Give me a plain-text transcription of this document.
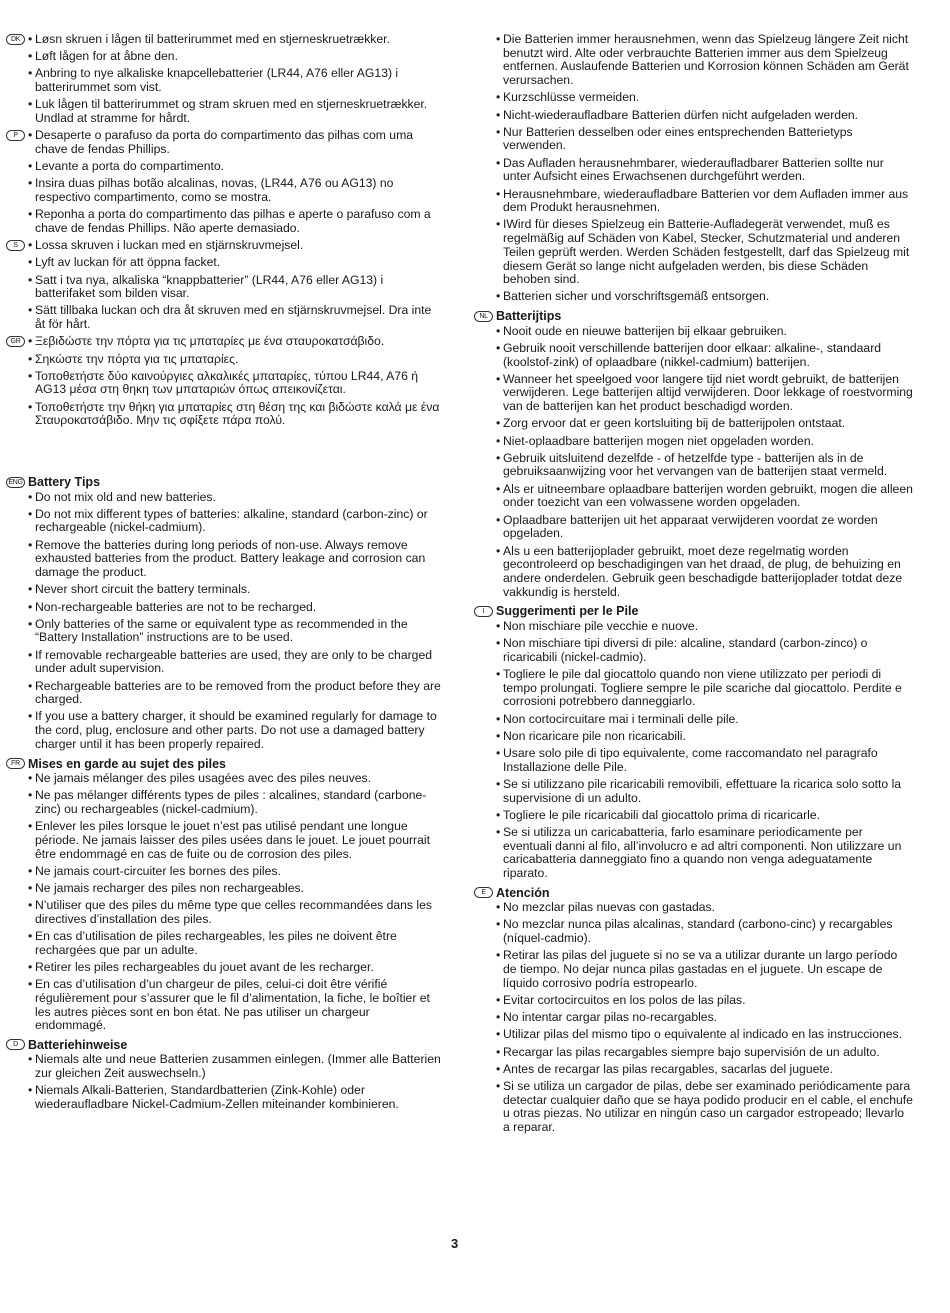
DK • Løsn skruen i lågen til batterirummet med en stjerneskruetrækker.
• Løft lågen for at åbne den.
• Anbring to nye alkaliske knapcellebatterier (LR44, A76 eller AG13) i batterirummet som vist.
• Luk lågen til batterirummet og stram skruen med en stjerneskruetrækker. Undlad at stramme for hårdt.
P • Desaperte o parafuso da porta do compartimento das pilhas com uma chave de fendas Phillips.
• Levante a porta do compartimento.
• Insira duas pilhas botão alcalinas, novas, (LR44, A76 ou AG13) no respectivo compartimento, como se mostra.
• Reponha a porta do compartimento das pilhas e aperte o parafuso com a chave de fendas Phillips. Não aperte demasiado.
S • Lossa skruven i luckan med en stjärnskruvmejsel.
• Lyft av luckan för att öppna facket.
• Satt i tva nya, alkaliska “knappbatterier” (LR44, A76 eller AG13) i batterifaket som bilden visar.
• Sätt tillbaka luckan och dra åt skruven med en stjärnskruvmejsel. Dra inte åt för hårt.
GR • Ξεβιδώστε την πόρτα για τις μπαταρίες με ένα σταυροκατσάβιδο.
• Σηκώστε την πόρτα για τις μπαταρίες.
• Τοποθετήστε δύο καινούργιες αλκαλικές μπαταρίες, τύπου LR44, A76 ή AG13 μέσα στη θηκη των μπαταριών όπως απεικονίζεται.
• Τοποθετήστε την θήκη για μπαταρίες στη θέση της και βιδώστε καλά με ένα Σταυροκατσάβιδο. Μην τις σφίξετε πάρα πολύ.
ENG Battery Tips
• Do not mix old and new batteries.
• Do not mix different types of batteries: alkaline, standard (carbon-zinc) or rechargeable (nickel-cadmium).
• Remove the batteries during long periods of non-use. Always remove exhausted batteries from the product. Battery leakage and corrosion can damage the product.
• Never short circuit the battery terminals.
• Non-rechargeable batteries are not to be recharged.
• Only batteries of the same or equivalent type as recommended in the “Battery Installation” instructions are to be used.
• If removable rechargeable batteries are used, they are only to be charged under adult supervision.
• Rechargeable batteries are to be removed from the product before they are charged.
• If you use a battery charger, it should be examined regularly for damage to the cord, plug, enclosure and other parts. Do not use a damaged battery charger until it has been properly repaired.
FR Mises en garde au sujet des piles
• Ne jamais mélanger des piles usagées avec des piles neuves.
• Ne pas mélanger différents types de piles : alcalines, standard (carbone-zinc) ou rechargeables (nickel-cadmium).
• Enlever les piles lorsque le jouet n’est pas utilisé pendant une longue période. Ne jamais laisser des piles usées dans le jouet. Le jouet pourrait être endommagé en cas de fuite ou de corrosion des piles.
• Ne jamais court-circuiter les bornes des piles.
• Ne jamais recharger des piles non rechargeables.
• N’utiliser que des piles du même type que celles recommandées dans les directives d’installation des piles.
• En cas d’utilisation de piles rechargeables, les piles ne doivent être rechargées que par un adulte.
• Retirer les piles rechargeables du jouet avant de les recharger.
• En cas d’utilisation d’un chargeur de piles, celui-ci doit être vérifié régulièrement pour s’assurer que le fil d’alimentation, la fiche, le boîtier et les autres pièces sont en bon état. Ne pas utiliser un chargeur endommagé.
D Batteriehinweise
• Niemals alte und neue Batterien zusammen einlegen. (Immer alle Batterien zur gleichen Zeit auswechseln.)
• Niemals Alkali-Batterien, Standardbatterien (Zink-Kohle) oder wiederaufladbare Nickel-Cadmium-Zellen miteinander kombinieren.
• Die Batterien immer herausnehmen, wenn das Spielzeug längere Zeit nicht benutzt wird. Alte oder verbrauchte Batterien immer aus dem Spielzeug entfernen. Auslaufende Batterien und Korrosion können Schäden am Gerät verursachen.
• Kurzschlüsse vermeiden.
• Nicht-wiederaufladbare Batterien dürfen nicht aufgeladen werden.
• Nur Batterien desselben oder eines entsprechenden Batterietyps verwenden.
• Das Aufladen herausnehmbarer, wiederaufladbarer Batterien sollte nur unter Aufsicht eines Erwachsenen durchgeführt werden.
• Herausnehmbare, wiederaufladbare Batterien vor dem Aufladen immer aus dem Produkt herausnehmen.
• IWird für dieses Spielzeug ein Batterie-Aufladegerät verwendet, muß es regelmäßig auf Schäden von Kabel, Stecker, Schutzmaterial und anderen Teilen geprüft werden. Werden Schäden festgestellt, darf das Spielzeug mit diesem Gerät so lange nicht aufgeladen werden, bis diese Schäden behoben sind.
• Batterien sicher und vorschriftsgemäß entsorgen.
NL Batterijtips
• Nooit oude en nieuwe batterijen bij elkaar gebruiken.
• Gebruik nooit verschillende batterijen door elkaar: alkaline-, standaard (koolstof-zink) of oplaadbare (nikkel-cadmium) batterijen.
• Wanneer het speelgoed voor langere tijd niet wordt gebruikt, de batterijen verwijderen. Lege batterijen altijd verwijderen. Door lekkage of roestvorming van de batterijen kan het product beschadigd worden.
• Zorg ervoor dat er geen kortsluiting bij de batterijpolen ontstaat.
• Niet-oplaadbare batterijen mogen niet opgeladen worden.
• Gebruik uitsluitend dezelfde - of hetzelfde type - batterijen als in de gebruiksaanwijzing voor het vervangen van de batterijen staat vermeld.
• Als er uitneembare oplaadbare batterijen worden gebruikt, mogen die alleen onder toezicht van een volwassene worden opgeladen.
• Oplaadbare batterijen uit het apparaat verwijderen voordat ze worden opgeladen.
• Als u een batterijoplader gebruikt, moet deze regelmatig worden gecontroleerd op beschadigingen van het draad, de plug, de behuizing en andere onderdelen. Gebruik geen beschadigde batterijoplader totdat deze vakkundig is hersteld.
I Suggerimenti per le Pile
• Non mischiare pile vecchie e nuove.
• Non mischiare tipi diversi di pile: alcaline, standard (carbon-zinco) o ricaricabili (nickel-cadmio).
• Togliere le pile dal giocattolo quando non viene utilizzato per periodi di tempo prolungati. Togliere sempre le pile scariche dal giocattolo. Perdite e corrosioni potrebbero danneggiarlo.
• Non cortocircuitare mai i terminali delle pile.
• Non ricaricare pile non ricaricabili.
• Usare solo pile di tipo equivalente, come raccomandato nel paragrafo Installazione delle Pile.
• Se si utilizzano pile ricaricabili removibili, effettuare la ricarica solo sotto la supervisione di un adulto.
• Togliere le pile ricaricabili dal giocattolo prima di ricaricarle.
• Se si utilizza un caricabatteria, farlo esaminare periodicamente per eventuali danni al filo, all’involucro e ad altri componenti. Non utilizzare un caricabatteria danneggiato fino a quando non venga adeguatamente riparato.
E Atención
• No mezclar pilas nuevas con gastadas.
• No mezclar nunca pilas alcalinas, standard (carbono-cinc) y recargables (níquel-cadmio).
• Retirar las pilas del juguete si no se va a utilizar durante un largo período de tiempo. No dejar nunca pilas gastadas en el juguete. Un escape de líquido corrosivo podría estropearlo.
• Evitar cortocircuitos en los polos de las pilas.
• No intentar cargar pilas no-recargables.
• Utilizar pilas del mismo tipo o equivalente al indicado en las instrucciones.
• Recargar las pilas recargables siempre bajo supervisión de un adulto.
• Antes de recargar las pilas recargables, sacarlas del juguete.
• Si se utiliza un cargador de pilas, debe ser examinado periódicamente para detectar cualquier daño que se haya podido producir en el cable, el enchufe u otras piezas. No utilizar en ningún caso un cargador estropeado; llevarlo a reparar.
3
